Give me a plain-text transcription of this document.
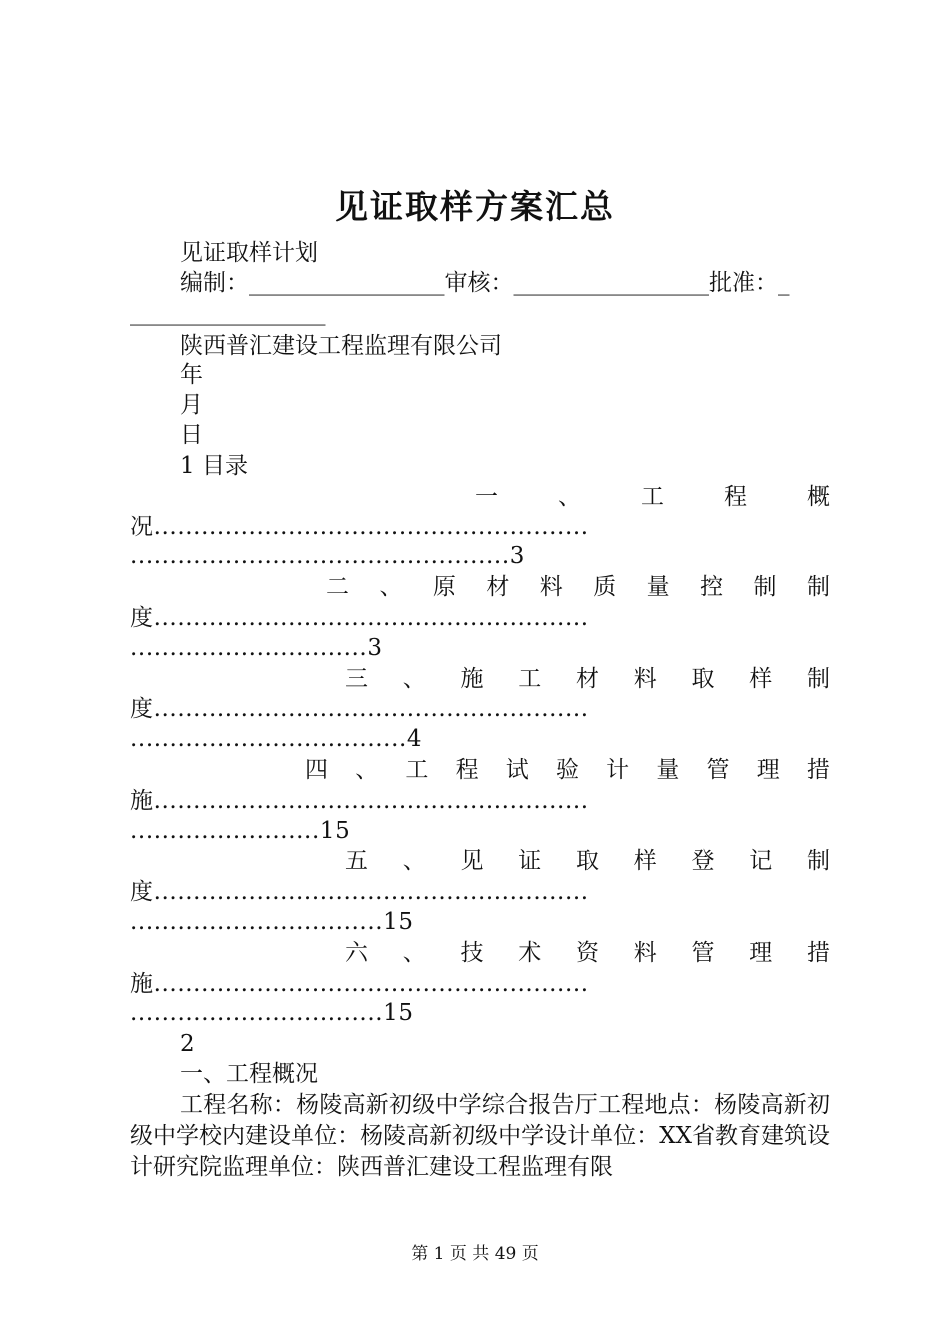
见证取样方案汇总
见证取样计划
编制：_________________审核：_________________批准：_
_________________
陕西普汇建设工程监理有限公司
年
月
日
1 目录
一	、	工	程	概
况.......................................................
................................................3
二 、 原 材 料 质 量 控 制 制
度.......................................................
..............................3
三 、 施 工 材 料 取 样 制
度.......................................................
...................................4
四 、 工 程 试 验 计 量 管 理 措
施.......................................................
........................15
五 、 见 证 取 样 登 记 制
度.......................................................
................................15
六 、 技 术 资 料 管 理 措
施.......................................................
................................15
2
一、工程概况
工程名称：杨陵高新初级中学综合报告厅工程地点：杨陵高新初级中学校内建设单位：杨陵高新初级中学设计单位：XX省教育建筑设计研究院监理单位：陕西普汇建设工程监理有限
第 1 页 共 49 页
